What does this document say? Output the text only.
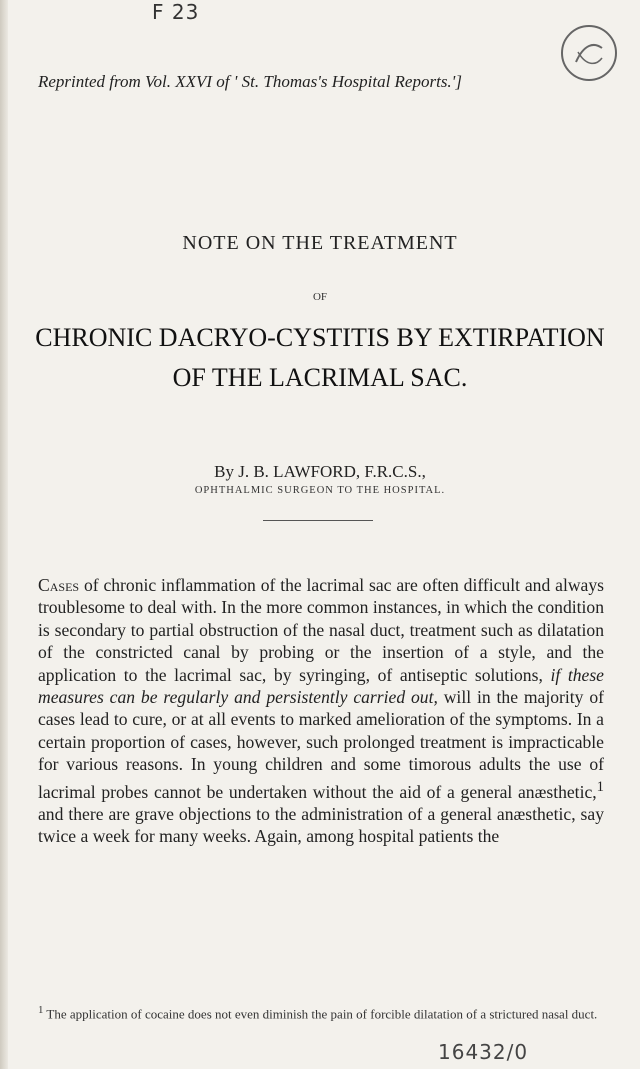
F 23
Reprinted from Vol. XXVI of ' St. Thomas's Hospital Reports.']
NOTE ON THE TREATMENT
OF
CHRONIC DACRYO-CYSTITIS BY EXTIRPATION
OF THE LACRIMAL SAC.
By J. B. LAWFORD, F.R.C.S.,
OPHTHALMIC SURGEON TO THE HOSPITAL.

Cases of chronic inflammation of the lacrimal sac are often difficult and always troublesome to deal with. In the more common instances, in which the condition is secondary to partial obstruction of the nasal duct, treatment such as dilatation of the constricted canal by probing or the insertion of a style, and the application to the lacrimal sac, by syringing, of antiseptic solutions, if these measures can be regularly and persistently carried out, will in the majority of cases lead to cure, or at all events to marked amelioration of the symptoms. In a certain proportion of cases, however, such prolonged treatment is impracticable for various reasons. In young children and some timorous adults the use of lacrimal probes cannot be undertaken without the aid of a general anæsthetic,$^1$ and there are grave objections to the administration of a general anæsthetic, say twice a week for many weeks. Again, among hospital patients the

$^1$ The application of cocaine does not even diminish the pain of forcible dilatation of a strictured nasal duct.

16432/0
